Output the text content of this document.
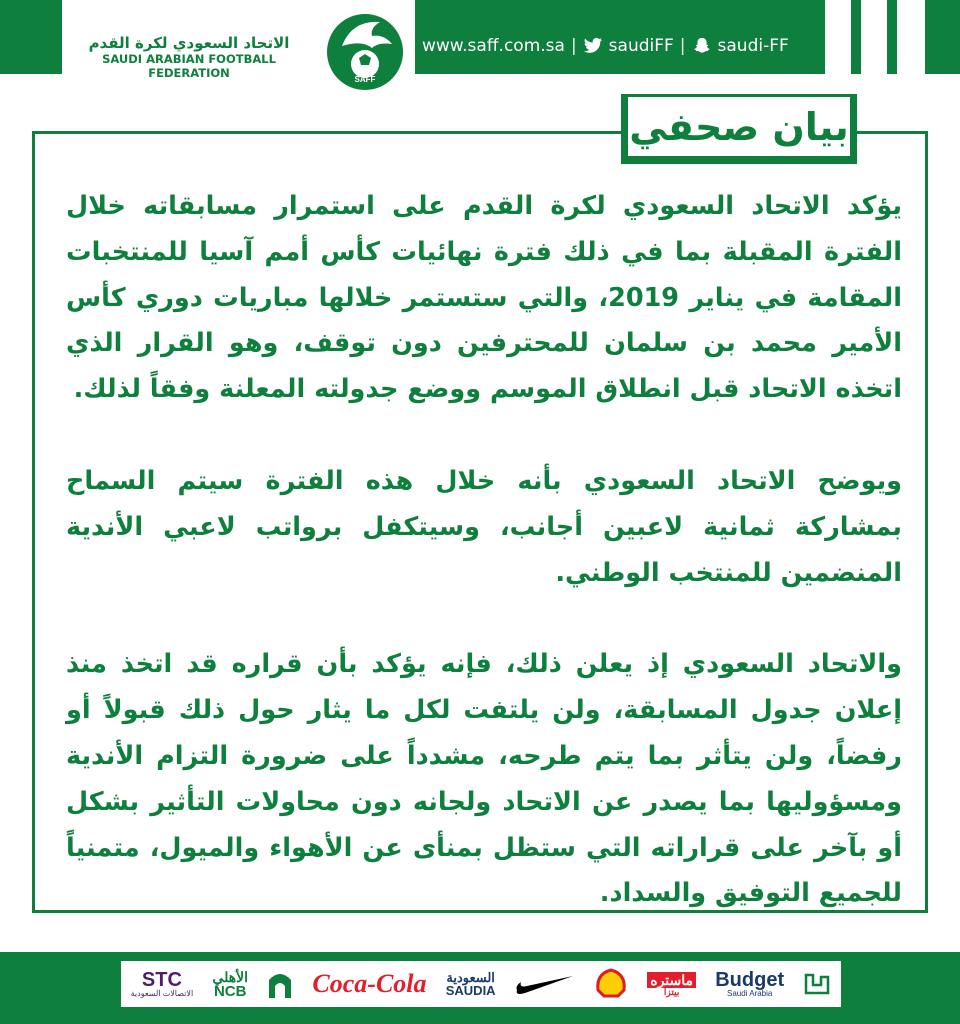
الاتحاد السعودي لكرة القدم
SAUDI ARABIAN FOOTBALL FEDERATION	SAFF
www.saff.com.sa | saudiFF | saudi-FF
بيان صحفي

يؤكد الاتحاد السعودي لكرة القدم على استمرار مسابقاته خلال الفترة المقبلة بما في ذلك فترة نهائيات كأس أمم آسيا للمنتخبات المقامة في يناير 2019، والتي ستستمر خلالها مباريات دوري كأس الأمير محمد بن سلمان للمحترفين دون توقف، وهو القرار الذي اتخذه الاتحاد قبل انطلاق الموسم ووضع جدولته المعلنة وفقاً لذلك.

ويوضح الاتحاد السعودي بأنه خلال هذه الفترة سيتم السماح بمشاركة ثمانية لاعبين أجانب، وسيتكفل برواتب لاعبي الأندية المنضمين للمنتخب الوطني.

والاتحاد السعودي إذ يعلن ذلك، فإنه يؤكد بأن قراره قد اتخذ منذ إعلان جدول المسابقة، ولن يلتفت لكل ما يثار حول ذلك قبولاً أو رفضاً، ولن يتأثر بما يتم طرحه، مشدداً على ضرورة التزام الأندية ومسؤوليها بما يصدر عن الاتحاد ولجانه دون محاولات التأثير بشكل أو بآخر على قراراته التي ستظل بمنأى عن الأهواء والميول، متمنياً للجميع التوفيق والسداد.

STC
الاتصالات السعودية
الأهلي
NCB	Coca-Cola السعودية
SAUDIA
ماستره
بيتزا
Budget
Saudi Arabia
